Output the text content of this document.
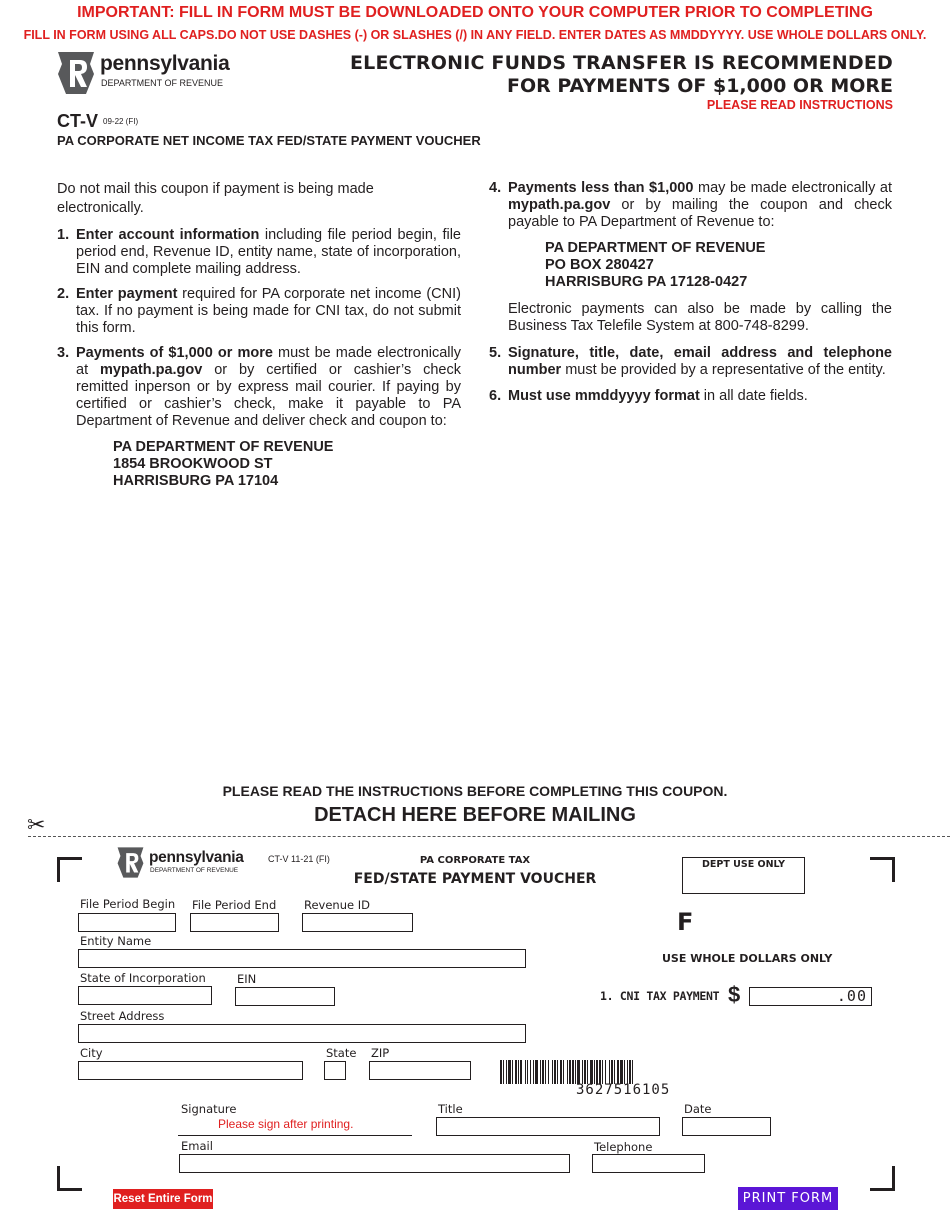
IMPORTANT: FILL IN FORM MUST BE DOWNLOADED ONTO YOUR COMPUTER PRIOR TO COMPLETING
FILL IN FORM USING ALL CAPS.DO NOT USE DASHES (-) OR SLASHES (/) IN ANY FIELD. ENTER DATES AS MMDDYYYY. USE WHOLE DOLLARS ONLY.
pennsylvania
DEPARTMENT OF REVENUE
ELECTRONIC FUNDS TRANSFER IS RECOMMENDED
FOR PAYMENTS OF $1,000 OR MORE
PLEASE READ INSTRUCTIONS
CT-V 09-22 (FI)
PA CORPORATE NET INCOME TAX FED/STATE PAYMENT VOUCHER

Do not mail this coupon if payment is being made electronically.

1. Enter account information including file period begin, file period end, Revenue ID, entity name, state of incorporation, EIN and complete mailing address.
2. Enter payment required for PA corporate net income (CNI) tax. If no payment is being made for CNI tax, do not submit this form.
3. Payments of $1,000 or more must be made electronically at mypath.pa.gov or by certified or cashier’s check remitted inperson or by express mail courier. If paying by certified or cashier’s check, make it payable to PA Department of Revenue and deliver check and coupon to:
PA DEPARTMENT OF REVENUE
1854 BROOKWOOD ST
HARRISBURG PA 17104
4. Payments less than $1,000 may be made electronically at mypath.pa.gov or by mailing the coupon and check payable to PA Department of Revenue to:
PA DEPARTMENT OF REVENUE
PO BOX 280427
HARRISBURG PA 17128-0427

Electronic payments can also be made by calling the Business Tax Telefile System at 800-748-8299.

5. Signature, title, date, email address and telephone number must be provided by a representative of the entity.
6. Must use mmddyyyy format in all date fields.
PLEASE READ THE INSTRUCTIONS BEFORE COMPLETING THIS COUPON.
DETACH HERE BEFORE MAILING
✂
pennsylvania
DEPARTMENT OF REVENUE
CT-V 11-21 (FI)	PA CORPORATE TAX
FED/STATE PAYMENT VOUCHER
DEPT USE ONLY
File Period Begin File Period End Revenue ID
F
Entity Name
USE WHOLE DOLLARS ONLY
State of Incorporation	EIN
1. CNI TAX PAYMENT $	.00
Street Address
City	State ZIP
3627516105
Signature
Please sign after printing.
Title	Date
Email	Telephone
Reset Entire Form	PRINT FORM
